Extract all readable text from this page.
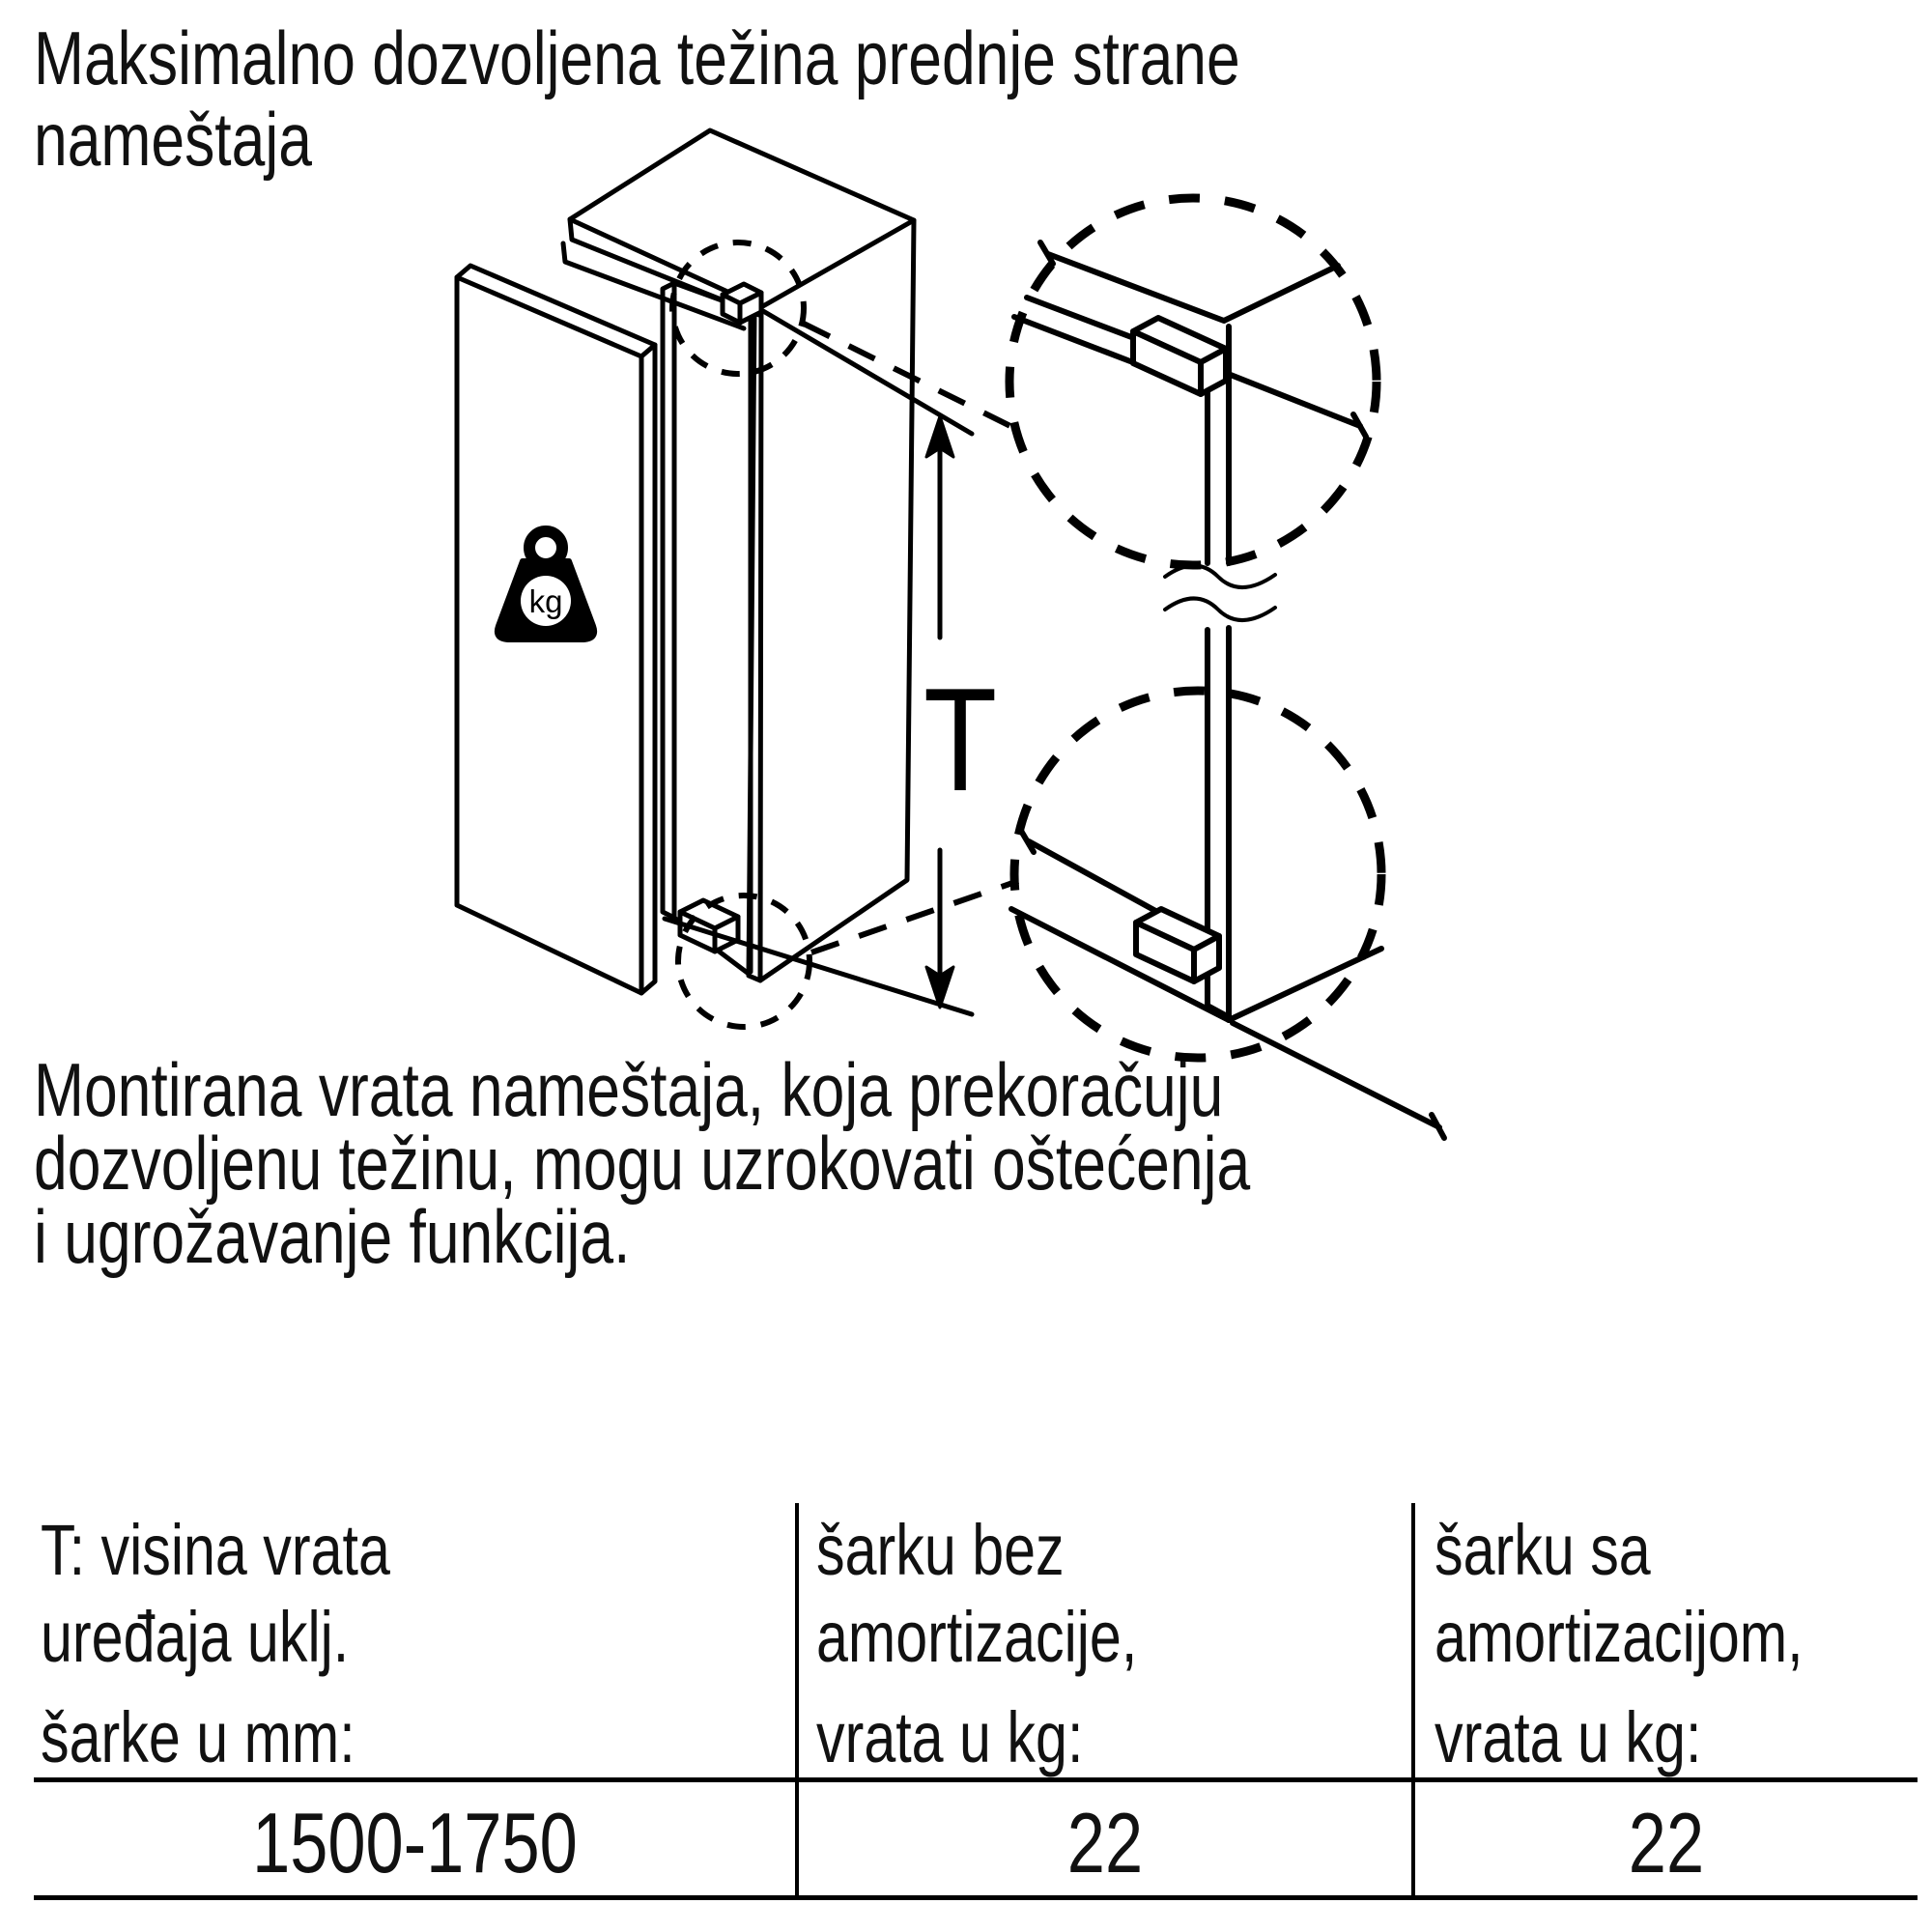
Maksimalno dozvoljena težina prednje strane
nameštaja
kg
T
Montirana vrata nameštaja, koja prekoračuju
dozvoljenu težinu, mogu uzrokovati oštećenja
i ugrožavanje funkcija.
T: visina vrata
uređaja uklj.
šarke u mm:
šarku bez
amortizacije,
vrata u kg:
šarku sa
amortizacijom,
vrata u kg:
1500-1750	22	22
